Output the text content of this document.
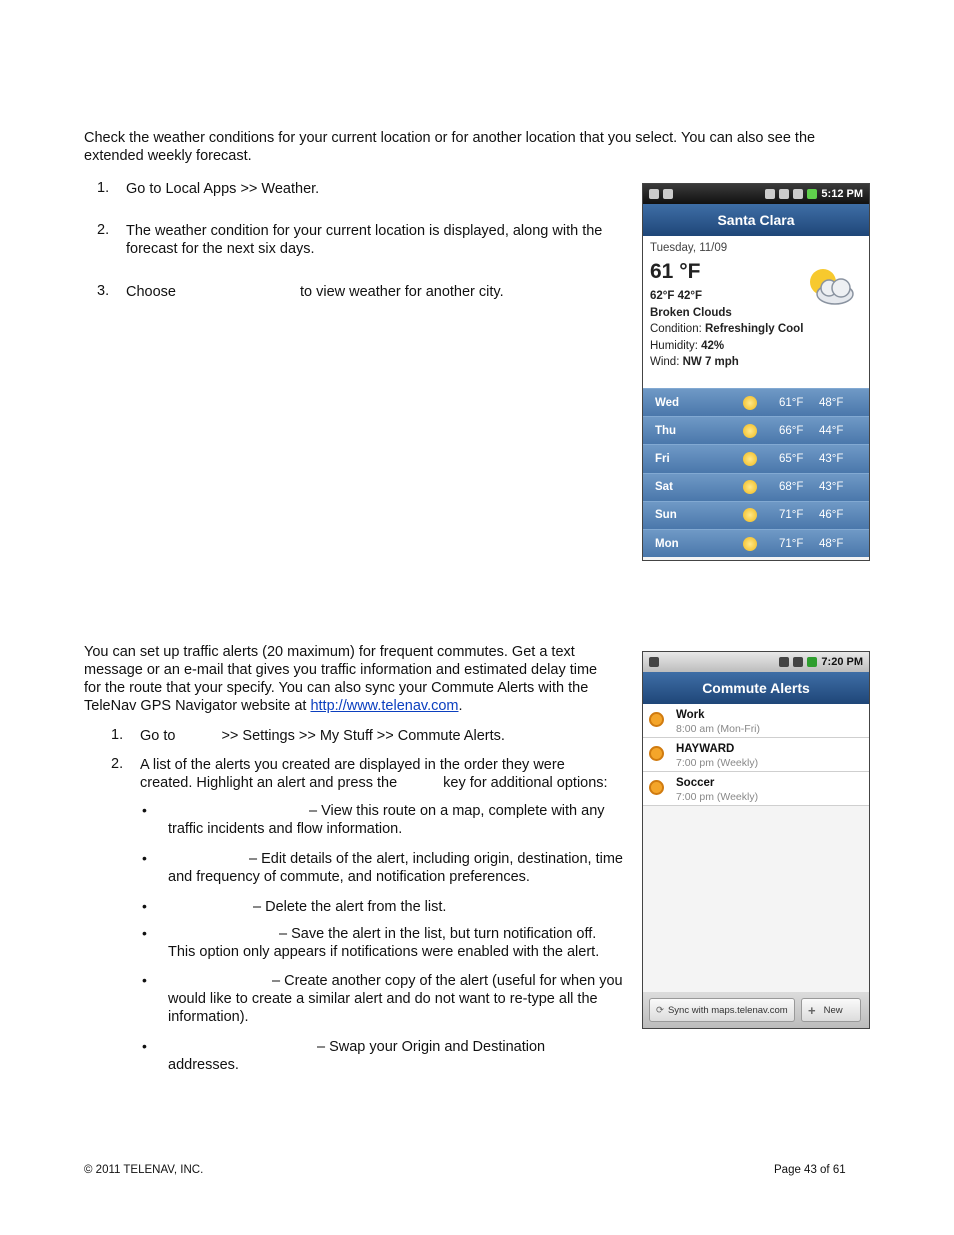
Check the weather conditions for your current location or for another location that you select. You can also see the extended weekly forecast.

1.	Go to Local Apps >> Weather.

2.	The weather condition for your current location is displayed, along with the forecast for the next six days.

3.	Choose	to view weather for another city.

5:12 PM
Santa Clara
Tuesday, 11/09
61 °F
62°F 42°F
Broken Clouds
Condition: Refreshingly Cool
Humidity: 42%
Wind: NW 7 mph
Wed	61°F	48°F
Thu	66°F	44°F
Fri	65°F	43°F
Sat	68°F	43°F
Sun	71°F	46°F
Mon	71°F	48°F

You can set up traffic alerts (20 maximum) for frequent commutes. Get a text message or an e-mail that gives you traffic information and estimated delay time for the route that your specify. You can also sync your Commute Alerts with the TeleNav GPS Navigator website at http://www.telenav.com.

1.	Go to	>> Settings >> My Stuff >> Commute Alerts.

2.	A list of the alerts you created are displayed in the order they were created. Highlight an alert and press the	key for additional options:

•	– View this route on a map, complete with any traffic incidents and flow information.

•	– Edit details of the alert, including origin, destination, time and frequency of commute, and notification preferences.

•	– Delete the alert from the list.

•	– Save the alert in the list, but turn notification off. This option only appears if notifications were enabled with the alert.

•	– Create another copy of the alert (useful for when you would like to create a similar alert and do not want to re-type all the information).

•	– Swap your Origin and Destination addresses.

7:20 PM
Commute Alerts
Work
8:00 am (Mon-Fri)
HAYWARD
7:00 pm (Weekly)
Soccer
7:00 pm (Weekly)
⟳ Sync with maps.telenav.com + New
© 2011 TELENAV, INC.	Page 43 of 61
